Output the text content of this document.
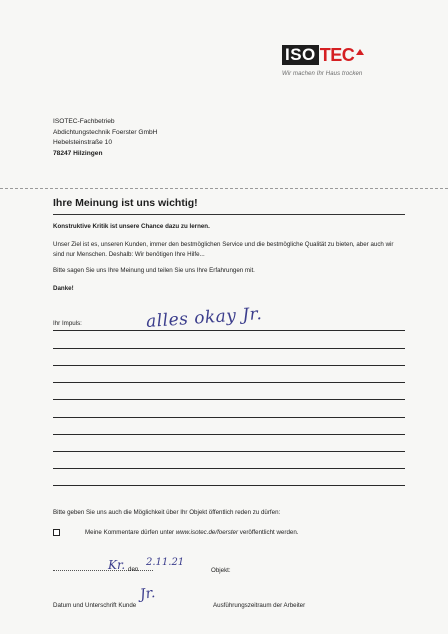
ISO TEC
Wir machen Ihr Haus trocken
ISOTEC-Fachbetrieb
Abdichtungstechnik Foerster GmbH
Hebelsteinstraße 10
78247 Hilzingen
Ihre Meinung ist uns wichtig!
Konstruktive Kritik ist unsere Chance dazu zu lernen.
Unser Ziel ist es, unseren Kunden, immer den bestmöglichen Service und die bestmögliche Qualität zu bieten, aber auch wir sind nur Menschen. Deshalb: Wir benötigen Ihre Hilfe...
Bitte sagen Sie uns Ihre Meinung und teilen Sie uns Ihre Erfahrungen mit.
Danke!
Ihr Impuls:	alles okay Jr.
Bitte geben Sie uns auch die Möglichkeit über Ihr Objekt öffentlich reden zu dürfen:
Meine Kommentare dürfen unter www.isotec.de/foerster veröffentlicht werden.
Kr. den
2.11.21
Jr.
Objekt:
Datum und Unterschrift Kunde	Ausführungszeitraum der Arbeiter
